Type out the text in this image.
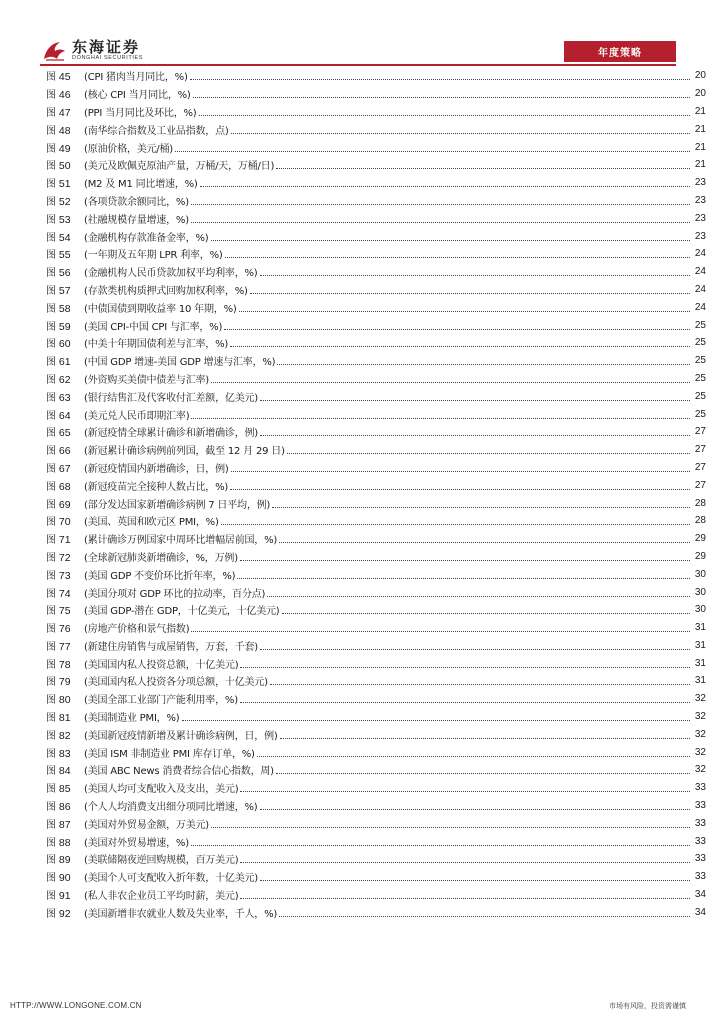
东海证券
DONGHAI SECURITIES	年度策略
图 45	(CPI 猪肉当月同比，%)	20
图 46	(核心 CPI 当月同比，%)	20
图 47	(PPI 当月同比及环比，%)	21
图 48	(南华综合指数及工业品指数，点)	21
图 49	(原油价格，美元/桶)	21
图 50	(美元及欧佩克原油产量，万桶/天，万桶/日)	21
图 51	(M2 及 M1 同比增速，%)	23
图 52	(各项贷款余额同比，%)	23
图 53	(社融规模存量增速，%)	23
图 54	(金融机构存款准备金率，%)	23
图 55	(一年期及五年期 LPR 利率，%)	24
图 56	(金融机构人民币贷款加权平均利率，%)	24
图 57	(存款类机构质押式回购加权利率，%)	24
图 58	(中债国债到期收益率 10 年期，%)	24
图 59	(美国 CPI-中国 CPI 与汇率，%)	25
图 60	(中美十年期国债利差与汇率，%)	25
图 61	(中国 GDP 增速-美国 GDP 增速与汇率，%)	25
图 62	(外资购买美债中债差与汇率)	25
图 63	(银行结售汇及代客收付汇差额，亿美元)	25
图 64	(美元兑人民币即期汇率)	25
图 65	(新冠疫情全球累计确诊和新增确诊，例)	27
图 66	(新冠累计确诊病例前列国，截至 12 月 29 日)	27
图 67	(新冠疫情国内新增确诊，日，例)	27
图 68	(新冠疫苗完全接种人数占比，%)	27
图 69	(部分发达国家新增确诊病例 7 日平均，例)	28
图 70	(美国、英国和欧元区 PMI，%)	28
图 71	(累计确诊万例国家中周环比增幅居前国，%)	29
图 72	(全球新冠肺炎新增确诊，%，万例)	29
图 73	(美国 GDP 不变价环比折年率，%)	30
图 74	(美国分项对 GDP 环比的拉动率，百分点)	30
图 75	(美国 GDP-潜在 GDP，十亿美元，十亿美元)	30
图 76	(房地产价格和景气指数)	31
图 77	(新建住房销售与成屋销售，万套，千套)	31
图 78	(美国国内私人投资总额，十亿美元)	31
图 79	(美国国内私人投资各分项总额，十亿美元)	31
图 80	(美国全部工业部门产能利用率，%)	32
图 81	(美国制造业 PMI，%)	32
图 82	(美国新冠疫情新增及累计确诊病例，日，例)	32
图 83	(美国 ISM 非制造业 PMI 库存订单，%)	32
图 84	(美国 ABC News 消费者综合信心指数，周)	32
图 85	(美国人均可支配收入及支出，美元)	33
图 86	(个人人均消费支出细分项同比增速，%)	33
图 87	(美国对外贸易金额，万美元)	33
图 88	(美国对外贸易增速，%)	33
图 89	(美联储隔夜逆回购规模，百万美元)	33
图 90	(美国个人可支配收入折年数，十亿美元)	33
图 91	(私人非农企业员工平均时薪，美元)	34
图 92	(美国新增非农就业人数及失业率，千人，%)	34
HTTP://WWW.LONGONE.COM.CN	市场有风险，投资需谨慎
